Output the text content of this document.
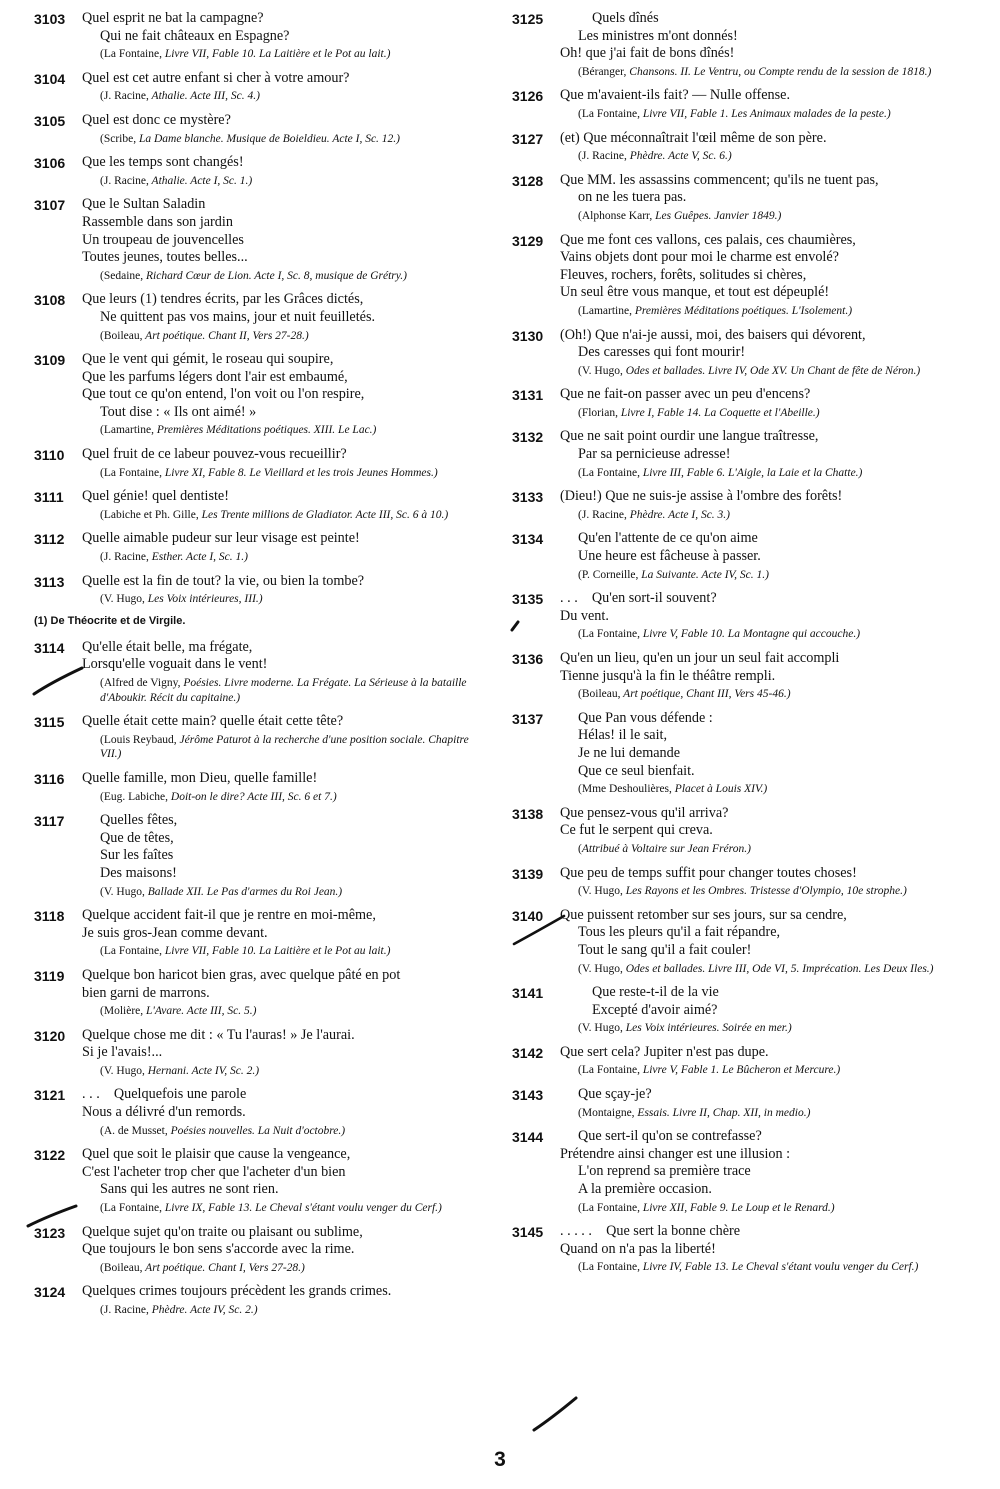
3103	Quel esprit ne bat la campagne?
Qui ne fait châteaux en Espagne?
(La Fontaine, Livre VII, Fable 10. La Laitière et le Pot au lait.)
3104	Quel est cet autre enfant si cher à votre amour?
(J. Racine, Athalie. Acte III, Sc. 4.)
3105	Quel est donc ce mystère?
(Scribe, La Dame blanche. Musique de Boieldieu. Acte I, Sc. 12.)
3106	Que les temps sont changés!
(J. Racine, Athalie. Acte I, Sc. 1.)
3107	Que le Sultan Saladin
Rassemble dans son jardin
Un troupeau de jouvencelles
Toutes jeunes, toutes belles...
(Sedaine, Richard Cœur de Lion. Acte I, Sc. 8, musique de Grétry.)
3108	Que leurs (1) tendres écrits, par les Grâces dictés,
Ne quittent pas vos mains, jour et nuit feuilletés.
(Boileau, Art poétique. Chant II, Vers 27-28.)
3109	Que le vent qui gémit, le roseau qui soupire,
Que les parfums légers dont l'air est embaumé,
Que tout ce qu'on entend, l'on voit ou l'on respire,
Tout dise : « Ils ont aimé! »
(Lamartine, Premières Méditations poétiques. XIII. Le Lac.)
3110	Quel fruit de ce labeur pouvez-vous recueillir?
(La Fontaine, Livre XI, Fable 8. Le Vieillard et les trois Jeunes Hommes.)
3111	Quel génie! quel dentiste!
(Labiche et Ph. Gille, Les Trente millions de Gladiator. Acte III, Sc. 6 à 10.)
3112	Quelle aimable pudeur sur leur visage est peinte!
(J. Racine, Esther. Acte I, Sc. 1.)
3113	Quelle est la fin de tout? la vie, ou bien la tombe?
(V. Hugo, Les Voix intérieures, III.)
(1) De Théocrite et de Virgile.
3114	Qu'elle était belle, ma frégate,
Lorsqu'elle voguait dans le vent!
(Alfred de Vigny, Poésies. Livre moderne. La Frégate. La Sérieuse à la bataille d'Aboukir. Récit du capitaine.)
3115	Quelle était cette main? quelle était cette tête?
(Louis Reybaud, Jérôme Paturot à la recherche d'une position sociale. Chapitre VII.)
3116	Quelle famille, mon Dieu, quelle famille!
(Eug. Labiche, Doit-on le dire? Acte III, Sc. 6 et 7.)
3117	Quelles fêtes,
Que de têtes,
Sur les faîtes
Des maisons!
(V. Hugo, Ballade XII. Le Pas d'armes du Roi Jean.)
3118	Quelque accident fait-il que je rentre en moi-même,
Je suis gros-Jean comme devant.
(La Fontaine, Livre VII, Fable 10. La Laitière et le Pot au lait.)
3119	Quelque bon haricot bien gras, avec quelque pâté en pot
bien garni de marrons.
(Molière, L'Avare. Acte III, Sc. 5.)
3120	Quelque chose me dit : « Tu l'auras! » Je l'aurai.
Si je l'avais!...
(V. Hugo, Hernani. Acte IV, Sc. 2.)
3121	. . .    Quelquefois une parole
Nous a délivré d'un remords.
(A. de Musset, Poésies nouvelles. La Nuit d'octobre.)
3122	Quel que soit le plaisir que cause la vengeance,
C'est l'acheter trop cher que l'acheter d'un bien
Sans qui les autres ne sont rien.
(La Fontaine, Livre IX, Fable 13. Le Cheval s'étant voulu venger du Cerf.)
3123	Quelque sujet qu'on traite ou plaisant ou sublime,
Que toujours le bon sens s'accorde avec la rime.
(Boileau, Art poétique. Chant I, Vers 27-28.)
3124	Quelques crimes toujours précèdent les grands crimes.
(J. Racine, Phèdre. Acte IV, Sc. 2.)
3125	Quels dînés
Les ministres m'ont donnés!
Oh! que j'ai fait de bons dînés!
(Béranger, Chansons. II. Le Ventru, ou Compte rendu de la session de 1818.)
3126	Que m'avaient-ils fait? — Nulle offense.
(La Fontaine, Livre VII, Fable 1. Les Animaux malades de la peste.)
3127	(et) Que méconnaîtrait l'œil même de son père.
(J. Racine, Phèdre. Acte V, Sc. 6.)
3128	Que MM. les assassins commencent; qu'ils ne tuent pas,
on ne les tuera pas.
(Alphonse Karr, Les Guêpes. Janvier 1849.)
3129	Que me font ces vallons, ces palais, ces chaumières,
Vains objets dont pour moi le charme est envolé?
Fleuves, rochers, forêts, solitudes si chères,
Un seul être vous manque, et tout est dépeuplé!
(Lamartine, Premières Méditations poétiques. L'Isolement.)
3130	(Oh!) Que n'ai-je aussi, moi, des baisers qui dévorent,
Des caresses qui font mourir!
(V. Hugo, Odes et ballades. Livre IV, Ode XV. Un Chant de fête de Néron.)
3131	Que ne fait-on passer avec un peu d'encens?
(Florian, Livre I, Fable 14. La Coquette et l'Abeille.)
3132	Que ne sait point ourdir une langue traîtresse,
Par sa pernicieuse adresse!
(La Fontaine, Livre III, Fable 6. L'Aigle, la Laie et la Chatte.)
3133	(Dieu!) Que ne suis-je assise à l'ombre des forêts!
(J. Racine, Phèdre. Acte I, Sc. 3.)
3134	Qu'en l'attente de ce qu'on aime
Une heure est fâcheuse à passer.
(P. Corneille, La Suivante. Acte IV, Sc. 1.)
3135	. . .    Qu'en sort-il souvent?
Du vent.
(La Fontaine, Livre V, Fable 10. La Montagne qui accouche.)
3136	Qu'en un lieu, qu'en un jour un seul fait accompli
Tienne jusqu'à la fin le théâtre rempli.
(Boileau, Art poétique, Chant III, Vers 45-46.)
3137	Que Pan vous défende :
Hélas! il le sait,
Je ne lui demande
Que ce seul bienfait.
(Mme Deshoulières, Placet à Louis XIV.)
3138	Que pensez-vous qu'il arriva?
Ce fut le serpent qui creva.
(Attribué à Voltaire sur Jean Fréron.)
3139	Que peu de temps suffit pour changer toutes choses!
(V. Hugo, Les Rayons et les Ombres. Tristesse d'Olympio, 10e strophe.)
3140	Que puissent retomber sur ses jours, sur sa cendre,
Tous les pleurs qu'il a fait répandre,
Tout le sang qu'il a fait couler!
(V. Hugo, Odes et ballades. Livre III, Ode VI, 5. Imprécation. Les Deux Iles.)
3141	Que reste-t-il de la vie
Excepté d'avoir aimé?
(V. Hugo, Les Voix intérieures. Soirée en mer.)
3142	Que sert cela? Jupiter n'est pas dupe.
(La Fontaine, Livre V, Fable 1. Le Bûcheron et Mercure.)
3143	Que sçay-je?
(Montaigne, Essais. Livre II, Chap. XII, in medio.)
3144	Que sert-il qu'on se contrefasse?
Prétendre ainsi changer est une illusion :
L'on reprend sa première trace
A la première occasion.
(La Fontaine, Livre XII, Fable 9. Le Loup et le Renard.)
3145	. . . . .    Que sert la bonne chère
Quand on n'a pas la liberté!
(La Fontaine, Livre IV, Fable 13. Le Cheval s'étant voulu venger du Cerf.)
3
